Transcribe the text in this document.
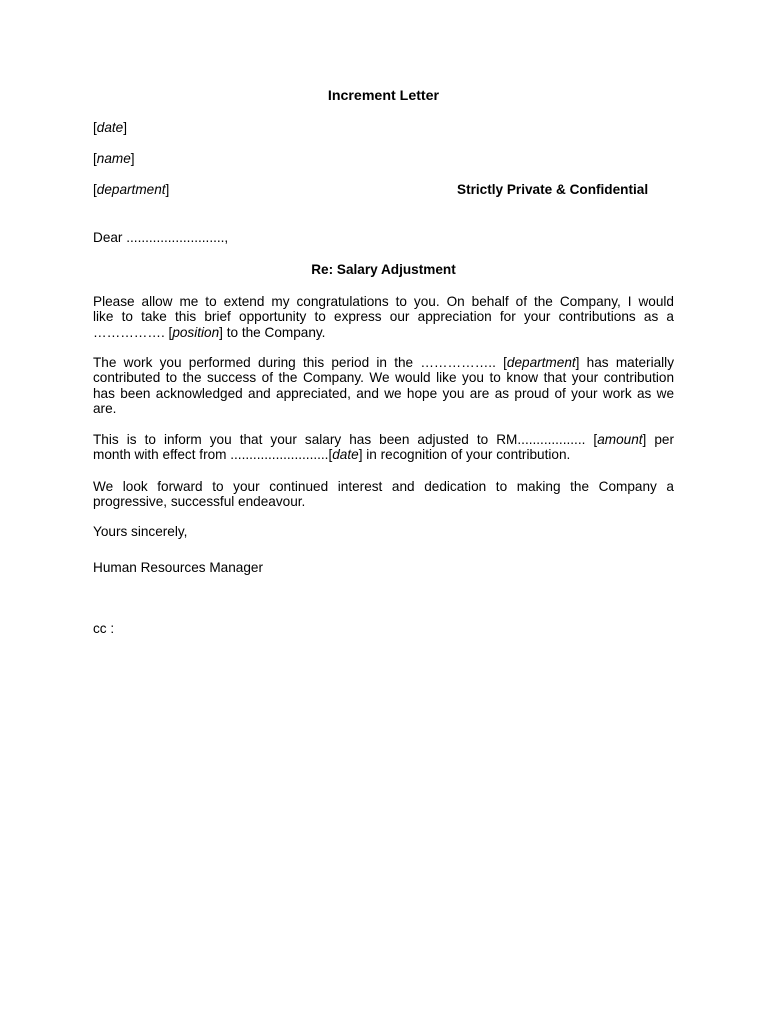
Increment Letter
[date]
[name]
[department]	Strictly Private & Confidential
Dear ..........................,
Re: Salary Adjustment
Please allow me to extend my congratulations to you. On behalf of the Company, I would
like to take this brief opportunity to express our appreciation for your contributions as a
……………. [position] to the Company.
The work you performed during this period in the …………….. [department] has materially
contributed to the success of the Company. We would like you to know that your contribution
has been acknowledged and appreciated, and we hope you are as proud of your work as we
are.
This is to inform you that your salary has been adjusted to RM.................. [amount] per
month with effect from ..........................[date] in recognition of your contribution.
We look forward to your continued interest and dedication to making the Company a
progressive, successful endeavour.
Yours sincerely,
Human Resources Manager
cc :
